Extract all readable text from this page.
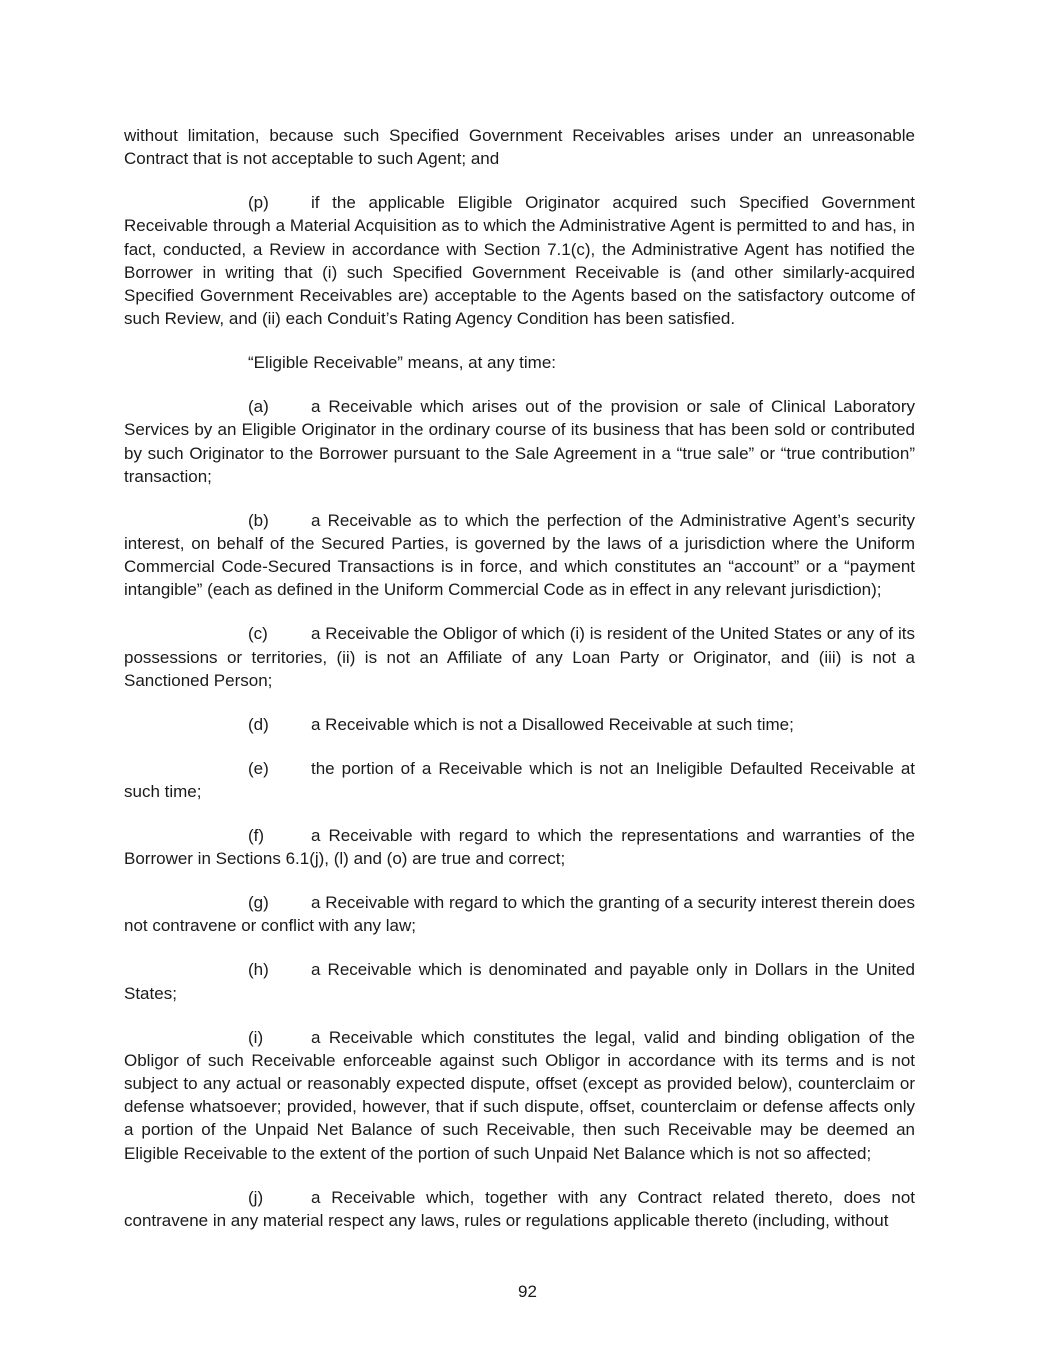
without limitation, because such Specified Government Receivables arises under an unreasonable Contract that is not acceptable to such Agent; and

(p) if the applicable Eligible Originator acquired such Specified Government Receivable through a Material Acquisition as to which the Administrative Agent is permitted to and has, in fact, conducted, a Review in accordance with Section 7.1(c), the Administrative Agent has notified the Borrower in writing that (i) such Specified Government Receivable is (and other similarly-acquired Specified Government Receivables are) acceptable to the Agents based on the satisfactory outcome of such Review, and (ii) each Conduit’s Rating Agency Condition has been satisfied.

“Eligible Receivable” means, at any time:

(a) a Receivable which arises out of the provision or sale of Clinical Laboratory Services by an Eligible Originator in the ordinary course of its business that has been sold or contributed by such Originator to the Borrower pursuant to the Sale Agreement in a “true sale” or “true contribution” transaction;

(b) a Receivable as to which the perfection of the Administrative Agent’s security interest, on behalf of the Secured Parties, is governed by the laws of a jurisdiction where the Uniform Commercial Code-Secured Transactions is in force, and which constitutes an “account” or a “payment intangible” (each as defined in the Uniform Commercial Code as in effect in any relevant jurisdiction);

(c)	a Receivable the Obligor of which (i) is resident of the United States or any of its possessions or territories, (ii) is not an Affiliate of any Loan Party or Originator, and (iii) is not a Sanctioned Person;

(d) a Receivable which is not a Disallowed Receivable at such time;

(e) the portion of a Receivable which is not an Ineligible Defaulted Receivable at such time;

(f)	a Receivable with regard to which the representations and warranties of the Borrower in Sections 6.1(j), (l) and (o) are true and correct;

(g) a Receivable with regard to which the granting of a security interest therein does not contravene or conflict with any law;

(h) a Receivable which is denominated and payable only in Dollars in the United States;

(i)	a Receivable which constitutes the legal, valid and binding obligation of the Obligor of such Receivable enforceable against such Obligor in accordance with its terms and is not subject to any actual or reasonably expected dispute, offset (except as provided below), counterclaim or defense whatsoever; provided, however, that if such dispute, offset, counterclaim or defense affects only a portion of the Unpaid Net Balance of such Receivable, then such Receivable may be deemed an Eligible Receivable to the extent of the portion of such Unpaid Net Balance which is not so affected;

(j)	a Receivable which, together with any Contract related thereto, does not contravene in any material respect any laws, rules or regulations applicable thereto (including, without

92
